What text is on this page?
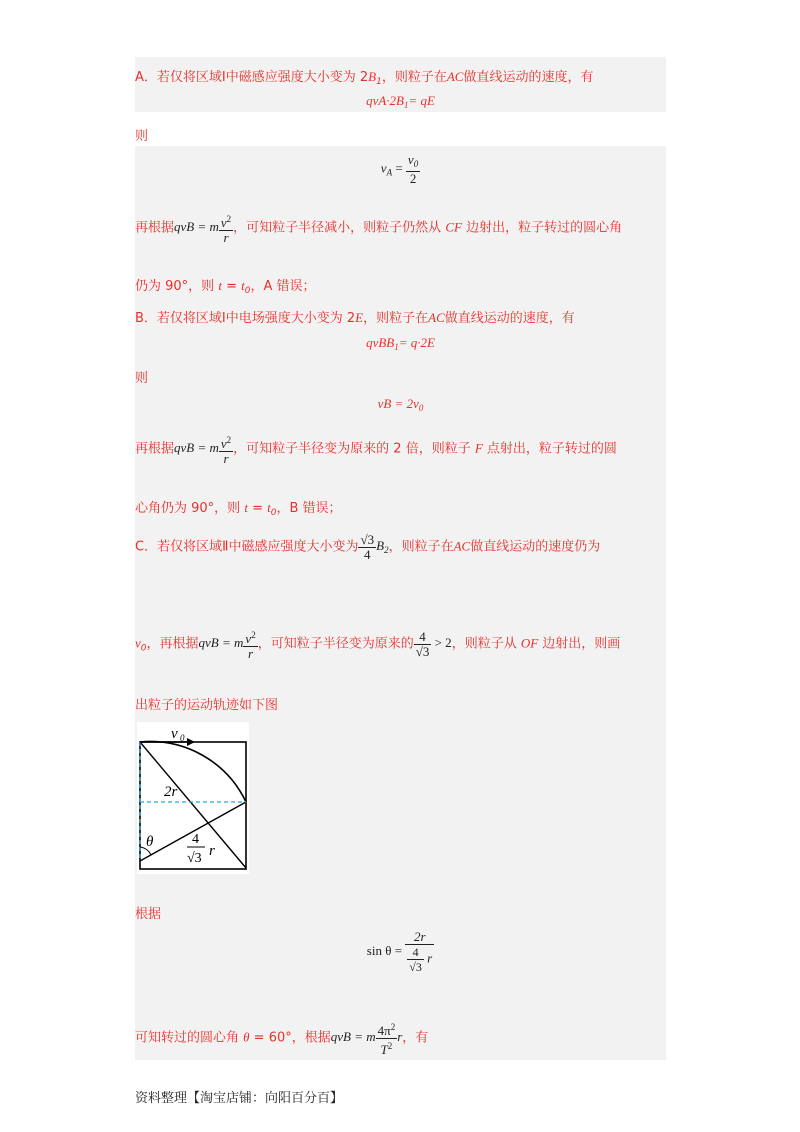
A．若仅将区域Ⅰ中磁感应强度大小变为 $2B_1$，则粒子在AC做直线运动的速度，有
$qvA\cdot 2B_1=$ qE
则
$v_A = \frac{v_0}{2}$
再根据qvB = m $\frac{v^2}{r}$ ，可知粒子半径减小，则粒子仍然从 CF 边射出，粒子转过的圆心角
仍为 90°，则 $t = t_0$，A 错误；
B．若仅将区域Ⅰ中电场强度大小变为 2E，则粒子在AC做直线运动的速度，有
qvBB$_1$= q·2E
则
vB = $2v_0$
再根据qvB = m $\frac{v^2}{r}$ ，可知粒子半径变为原来的 2 倍，则粒子 F 点射出，粒子转过的圆
心角仍为 90°，则 $t = t_0$，B 错误；
C．若仅将区域Ⅱ中磁感应强度大小变为 $\frac{√3}{4} B_2$，则粒子在AC做直线运动的速度仍为
$v_0$，再根据qvB = m $\frac{v^2}{r}$ ，可知粒子半径变为原来的 $\frac{4}{√3} > 2$，则粒子从 OF 边射出，则画
出粒子的运动轨迹如下图
v 0
2r
θ	4
√3 r
根据
$\sin \theta = \frac{2r}{\frac{4}{√3} r}$
可知转过的圆心角 θ = 60°，根据qvB = m $\frac{4\pi^2}{T^2}$ r，有
资料整理【淘宝店铺：向阳百分百】
